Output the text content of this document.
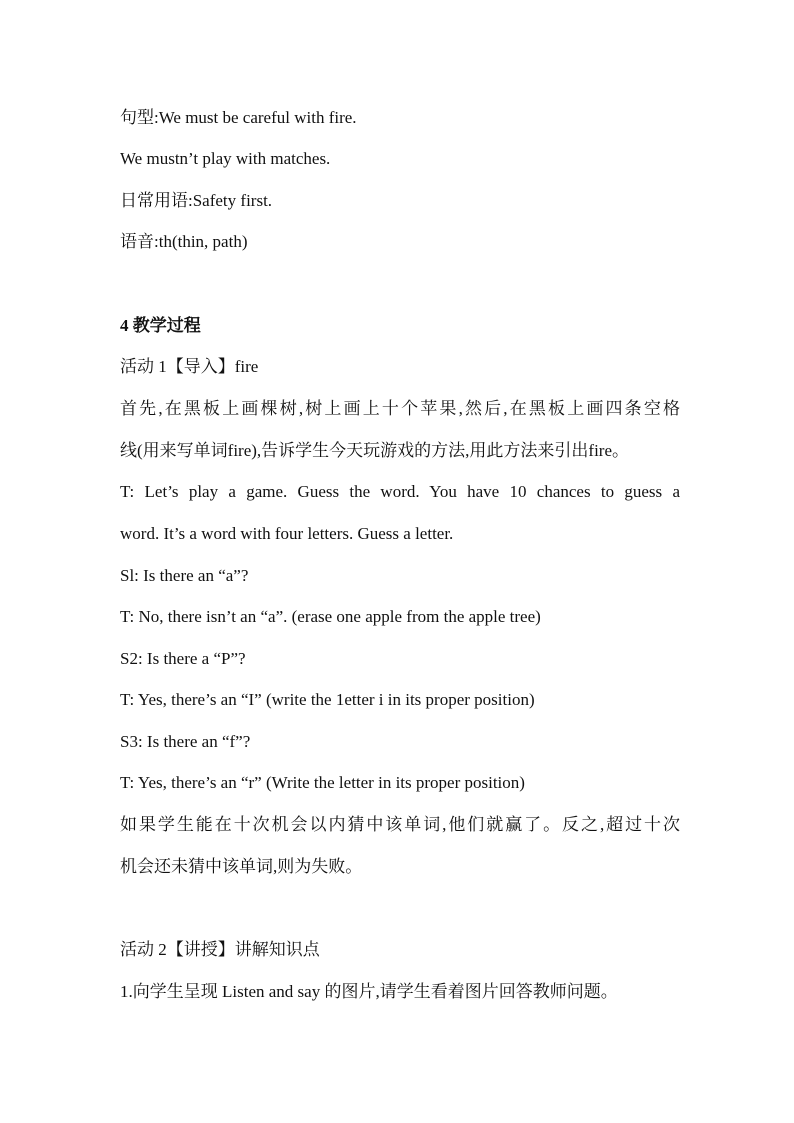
句型:We must be careful with fire.
We mustn’t play with matches.
日常用语:Safety first.
语音:th(thin, path)
4 教学过程
活动 1【导入】fire
首先,在黑板上画棵树,树上画上十个苹果,然后,在黑板上画四条空格
线(用来写单词fire),告诉学生今天玩游戏的方法,用此方法来引出fire。
T: Let’s play a game. Guess the word. You have 10 chances to guess a
word. It’s a word with four letters. Guess a letter.
Sl: Is there an “a”?
T: No, there isn’t an “a”. (erase one apple from the apple tree)
S2: Is there a “P”?
T: Yes, there’s an “I” (write the 1etter i in its proper position)
S3: Is there an “f”?
T: Yes, there’s an “r” (Write the letter in its proper position)
如果学生能在十次机会以内猜中该单词,他们就赢了。反之,超过十次
机会还未猜中该单词,则为失败。
活动 2【讲授】讲解知识点
1.向学生呈现 Listen and say 的图片,请学生看着图片回答教师问题。
